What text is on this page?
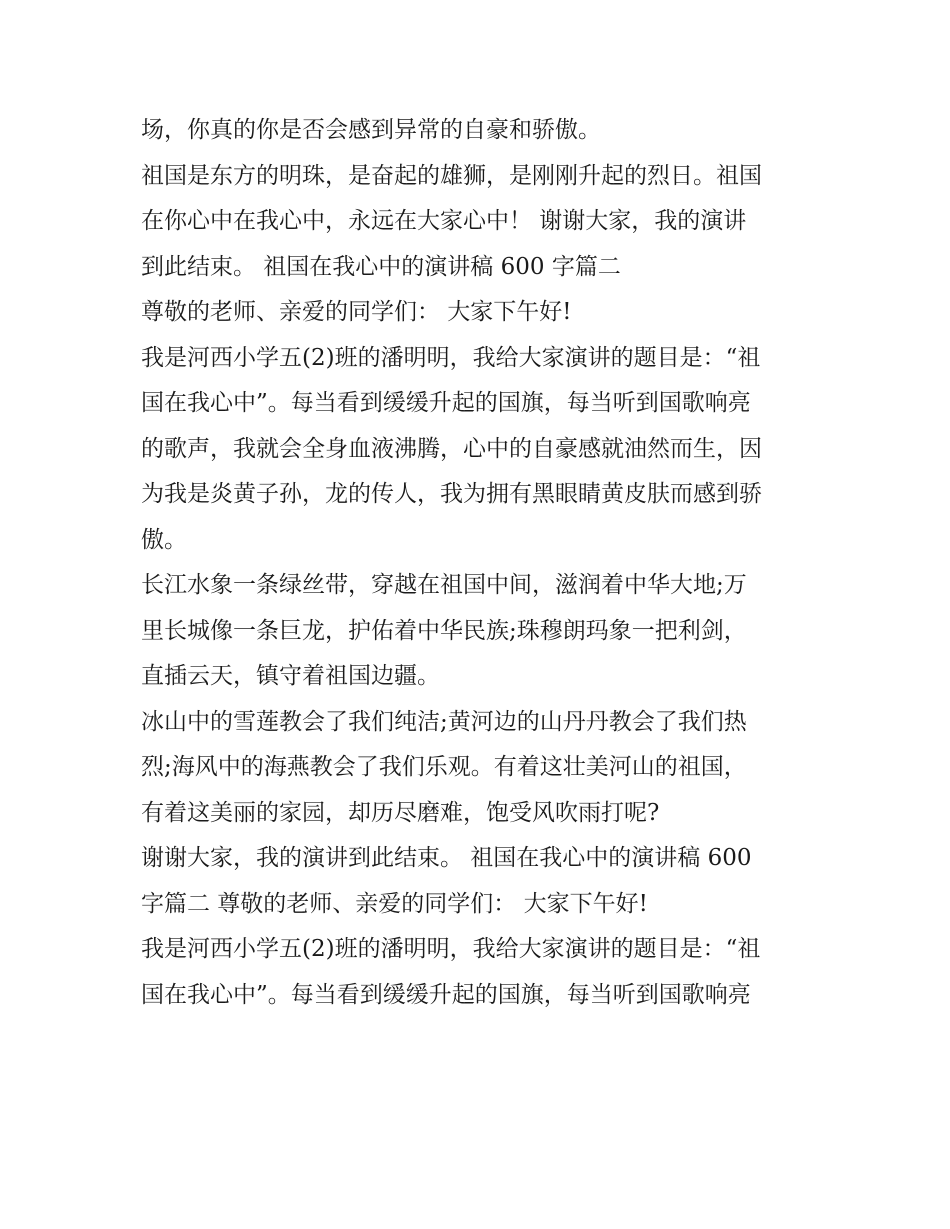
场，你真的你是否会感到异常的自豪和骄傲。
祖国是东方的明珠，是奋起的雄狮，是刚刚升起的烈日。祖国
在你心中在我心中，永远在大家心中！ 谢谢大家，我的演讲
到此结束。 祖国在我心中的演讲稿 600 字篇二
尊敬的老师、亲爱的同学们： 大家下午好!
我是河西小学五(2)班的潘明明，我给大家演讲的题目是：“祖
国在我心中”。每当看到缓缓升起的国旗，每当听到国歌响亮
的歌声，我就会全身血液沸腾，心中的自豪感就油然而生，因
为我是炎黄子孙，龙的传人，我为拥有黑眼睛黄皮肤而感到骄
傲。
长江水象一条绿丝带，穿越在祖国中间，滋润着中华大地;万
里长城像一条巨龙，护佑着中华民族;珠穆朗玛象一把利剑，
直插云天，镇守着祖国边疆。
冰山中的雪莲教会了我们纯洁;黄河边的山丹丹教会了我们热
烈;海风中的海燕教会了我们乐观。有着这壮美河山的祖国，
有着这美丽的家园，却历尽磨难，饱受风吹雨打呢?
谢谢大家，我的演讲到此结束。 祖国在我心中的演讲稿 600
字篇二 尊敬的老师、亲爱的同学们： 大家下午好!
我是河西小学五(2)班的潘明明，我给大家演讲的题目是：“祖
国在我心中”。每当看到缓缓升起的国旗，每当听到国歌响亮
